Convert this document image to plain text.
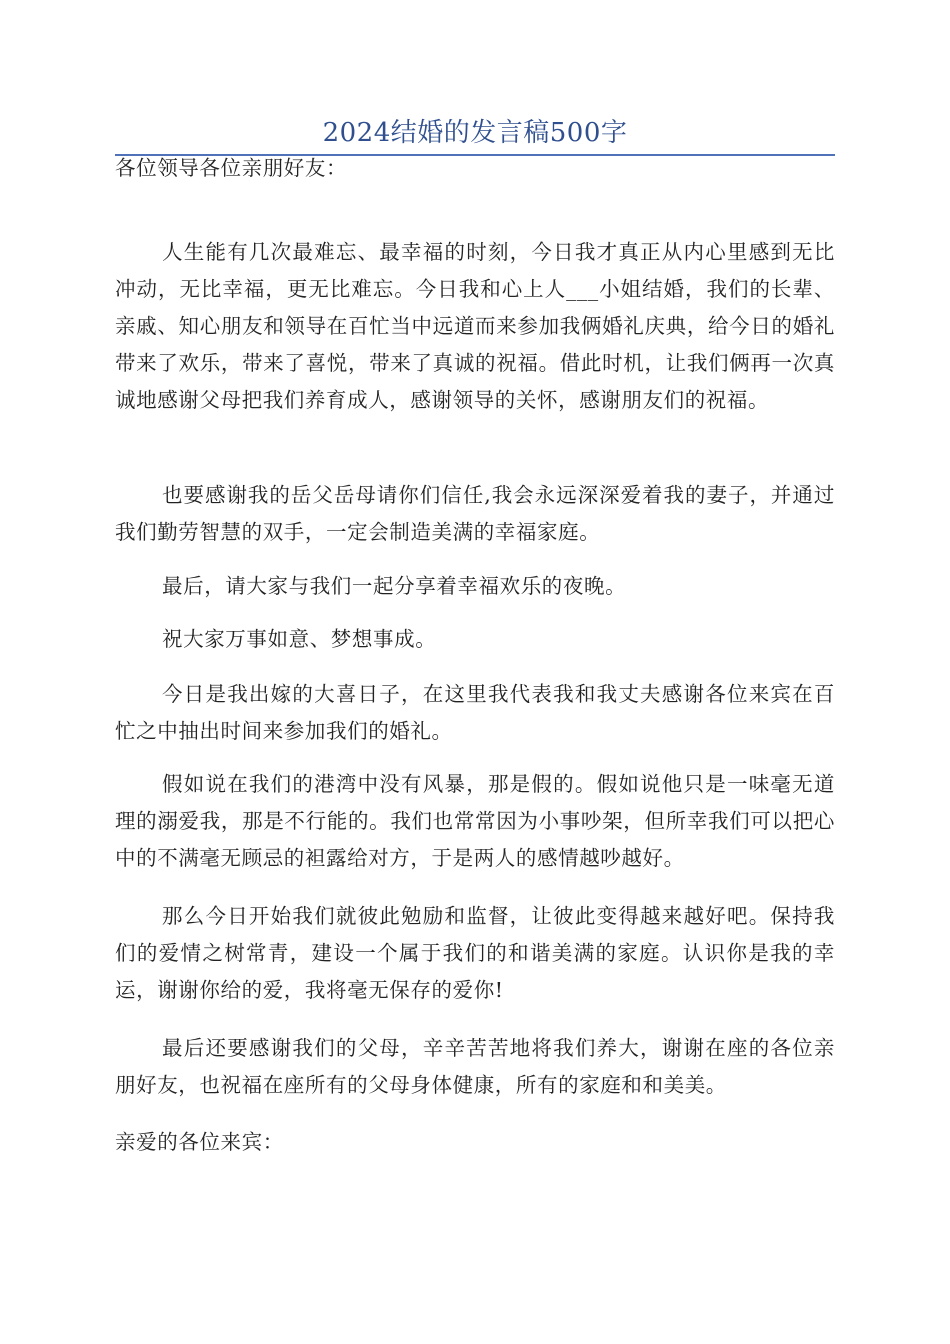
2024结婚的发言稿500字

各位领导各位亲朋好友：

人生能有几次最难忘、最幸福的时刻，今日我才真正从内心里感到无比冲动，无比幸福，更无比难忘。今日我和心上人___小姐结婚，我们的长辈、亲戚、知心朋友和领导在百忙当中远道而来参加我俩婚礼庆典，给今日的婚礼带来了欢乐，带来了喜悦，带来了真诚的祝福。借此时机，让我们俩再一次真诚地感谢父母把我们养育成人，感谢领导的关怀，感谢朋友们的祝福。

也要感谢我的岳父岳母请你们信任,我会永远深深爱着我的妻子，并通过我们勤劳智慧的双手，一定会制造美满的幸福家庭。

最后，请大家与我们一起分享着幸福欢乐的夜晚。

祝大家万事如意、梦想事成。

今日是我出嫁的大喜日子，在这里我代表我和我丈夫感谢各位来宾在百忙之中抽出时间来参加我们的婚礼。

假如说在我们的港湾中没有风暴，那是假的。假如说他只是一味毫无道理的溺爱我，那是不行能的。我们也常常因为小事吵架，但所幸我们可以把心中的不满毫无顾忌的袒露给对方，于是两人的感情越吵越好。

那么今日开始我们就彼此勉励和监督，让彼此变得越来越好吧。保持我们的爱情之树常青，建设一个属于我们的和谐美满的家庭。认识你是我的幸运，谢谢你给的爱，我将毫无保存的爱你!

最后还要感谢我们的父母，辛辛苦苦地将我们养大，谢谢在座的各位亲朋好友，也祝福在座所有的父母身体健康，所有的家庭和和美美。

亲爱的各位来宾：
